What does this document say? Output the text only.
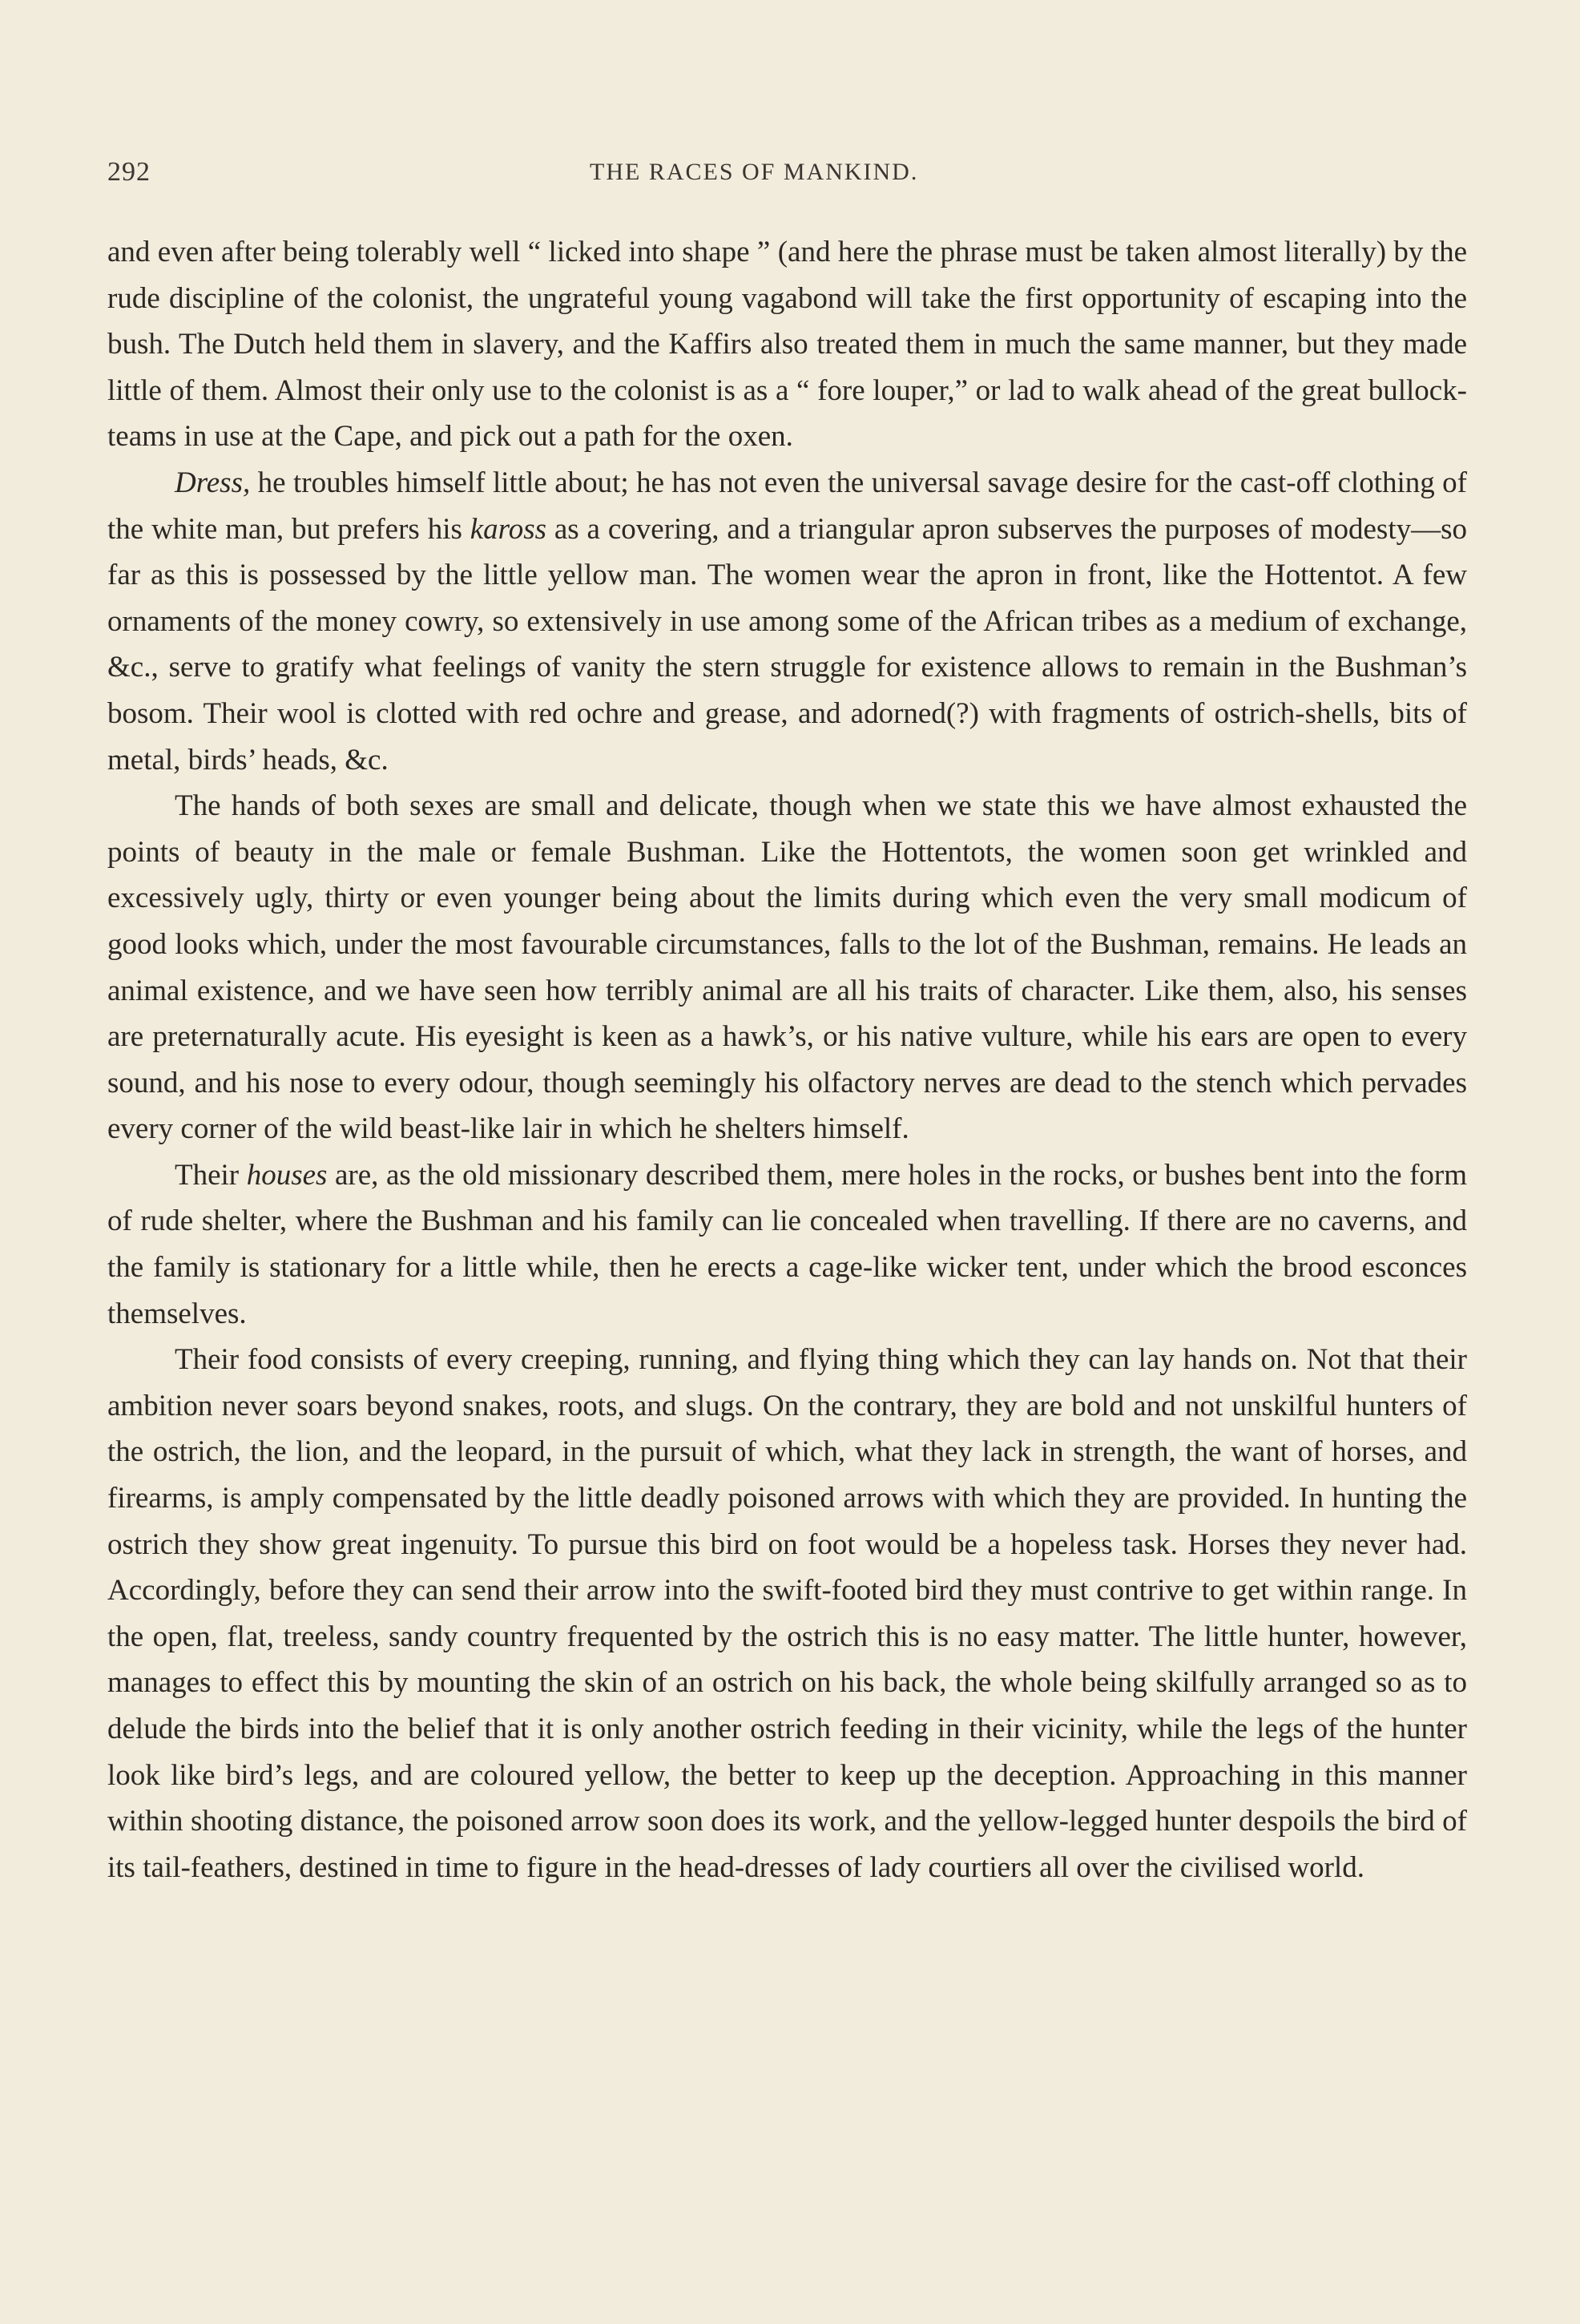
292	THE RACES OF MANKIND.

and even after being tolerably well “ licked into shape ” (and here the phrase must be taken almost literally) by the rude discipline of the colonist, the ungrateful young vagabond will take the first opportunity of escaping into the bush. The Dutch held them in slavery, and the Kaffirs also treated them in much the same manner, but they made little of them. Almost their only use to the colonist is as a “ fore louper,” or lad to walk ahead of the great bullock-teams in use at the Cape, and pick out a path for the oxen.

Dress, he troubles himself little about; he has not even the universal savage desire for the cast-off clothing of the white man, but prefers his kaross as a covering, and a triangular apron subserves the purposes of modesty—so far as this is possessed by the little yellow man. The women wear the apron in front, like the Hottentot. A few ornaments of the money cowry, so extensively in use among some of the African tribes as a medium of exchange, &c., serve to gratify what feelings of vanity the stern struggle for existence allows to remain in the Bushman’s bosom. Their wool is clotted with red ochre and grease, and adorned(?) with fragments of ostrich-shells, bits of metal, birds’ heads, &c.

The hands of both sexes are small and delicate, though when we state this we have almost exhausted the points of beauty in the male or female Bushman. Like the Hottentots, the women soon get wrinkled and excessively ugly, thirty or even younger being about the limits during which even the very small modicum of good looks which, under the most favourable circumstances, falls to the lot of the Bushman, remains. He leads an animal existence, and we have seen how terribly animal are all his traits of character. Like them, also, his senses are preternaturally acute. His eyesight is keen as a hawk’s, or his native vulture, while his ears are open to every sound, and his nose to every odour, though seemingly his olfactory nerves are dead to the stench which pervades every corner of the wild beast-like lair in which he shelters himself.

Their houses are, as the old missionary described them, mere holes in the rocks, or bushes bent into the form of rude shelter, where the Bushman and his family can lie concealed when travelling. If there are no caverns, and the family is stationary for a little while, then he erects a cage-like wicker tent, under which the brood esconces themselves.

Their food consists of every creeping, running, and flying thing which they can lay hands on. Not that their ambition never soars beyond snakes, roots, and slugs. On the contrary, they are bold and not unskilful hunters of the ostrich, the lion, and the leopard, in the pursuit of which, what they lack in strength, the want of horses, and firearms, is amply compensated by the little deadly poisoned arrows with which they are provided. In hunting the ostrich they show great ingenuity. To pursue this bird on foot would be a hopeless task. Horses they never had. Accordingly, before they can send their arrow into the swift-footed bird they must contrive to get within range. In the open, flat, treeless, sandy country frequented by the ostrich this is no easy matter. The little hunter, however, manages to effect this by mounting the skin of an ostrich on his back, the whole being skilfully arranged so as to delude the birds into the belief that it is only another ostrich feeding in their vicinity, while the legs of the hunter look like bird’s legs, and are coloured yellow, the better to keep up the deception. Approaching in this manner within shooting distance, the poisoned arrow soon does its work, and the yellow-legged hunter despoils the bird of its tail-feathers, destined in time to figure in the head-dresses of lady courtiers all over the civilised world.
